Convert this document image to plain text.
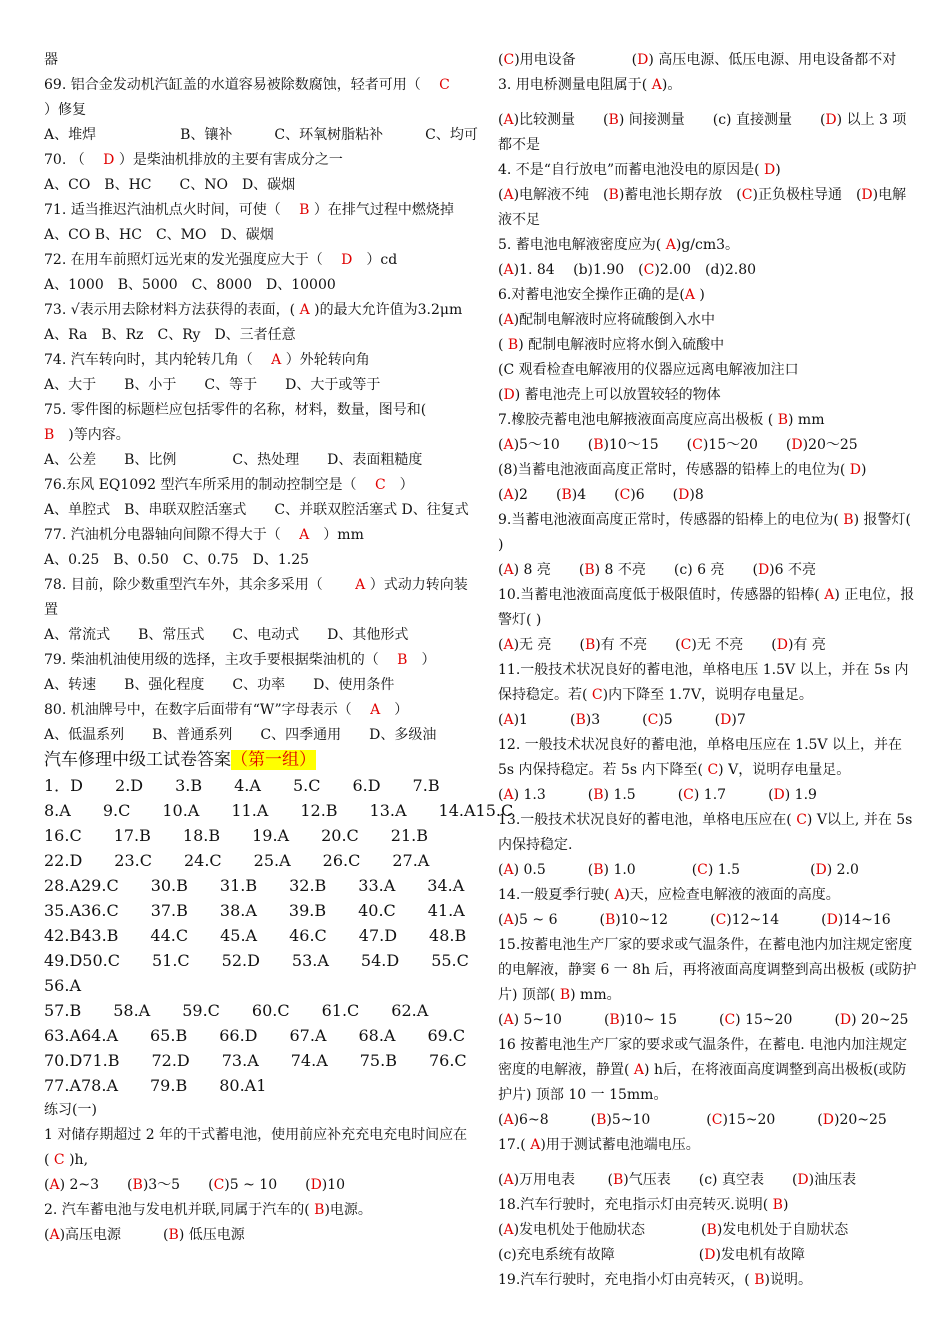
器

69. 铝合金发动机汽缸盖的水道容易被除数腐蚀，轻者可用（　 C　 ）修复

A、堆焊　　　　　　B、镶补　　　C、环氧树脂粘补　　　C、均可

70. （　 D ）是柴油机排放的主要有害成分之一

A、CO　B、HC　　C、NO　D、碳烟

71. 适当推迟汽油机点火时间，可使（　 B ）在排气过程中燃烧掉

A、CO B、HC　C、MO　D、碳烟

72. 在用车前照灯远光束的发光强度应大于（　 D　）cd

A、1000　B、5000　C、8000　D、10000

73. √表示用去除材料方法获得的表面，( A )的最大允许值为3.2μm

A、Ra　B、Rz　C、Ry　D、三者任意

74. 汽车转向时，其内轮转几角（　 A ）外轮转向角

A、大于　　B、小于　　C、等于　　D、大于或等于

75. 零件图的标题栏应包括零件的名称，材料，数量，图号和(　　 B　)等内容。

A、公差　　B、比例　　　　C、热处理　　D、表面粗糙度

76.东风 EQ1092 型汽车所采用的制动控制空是（　 C　）

A、单腔式　B、串联双腔活塞式　　C、并联双腔活塞式 D、往复式

77. 汽油机分电器轴向间隙不得大于（　 A　）mm

A、0.25　B、0.50　C、0.75　D、1.25

78. 目前，除少数重型汽车外，其余多采用（　　 A ）式动力转向装置

A、常流式　　B、常压式　　C、电动式　　D、其他形式

79. 柴油机油使用级的选择，主攻手要根据柴油机的（　 B　）

A、转速　　B、强化程度　　C、功率　　D、使用条件

80. 机油牌号中，在数字后面带有“W”字母表示（　 A　）

A、低温系列　　B、普通系列　　C、四季通用　　D、多级油

汽车修理中级工试卷答案（第一组）

1．D　　2.D　　3.B　　4.A　　5.C　　6.D　　7.B

8.A　　9.C　　10.A　　11.A　　12.B　　13.A　　14.A15.C

16.C　　17.B　　18.B　　19.A　　20.C　　21.B

22.D　　23.C　　24.C　　25.A　　26.C　　27.A

28.A29.C　　30.B　　31.B　　32.B　　33.A　　34.A

35.A36.C　　37.B　　38.A　　39.B　　40.C　　41.A

42.B43.B　　44.C　　45.A　　46.C　　47.D　　48.B

49.D50.C　　51.C　　52.D　　53.A　　54.D　　55.C

56.A

57.B　　58.A　　59.C　　60.C　　61.C　　62.A

63.A64.A　　65.B　　66.D　　67.A　　68.A　　69.C

70.D71.B　　72.D　　73.A　　74.A　　75.B　　76.C

77.A78.A　　79.B　　80.A1

练习(一)

1 对储存期超过 2 年的干式蓄电池，使用前应补充充电充电时间应在( C )h,

(A) 2~3　　(B)3～5　　(C)5 ~ 10　　(D)10

2. 汽车蓄电池与发电机并联,同属于汽车的( B)电源。

(A)高压电源　　　(B) 低压电源

(C)用电设备　　　　(D) 高压电源、低压电源、用电设备都不对

3. 用电桥测量电阻属于( A)。

(A)比较测量　　(B) 间接测量　　(c) 直接测量　　(D) 以上 3 项都不是

4. 不是“自行放电”而蓄电池没电的原因是( D)

(A)电解液不纯　(B)蓄电池长期存放　(C)正负极柱导通　(D)电解液不足

5. 蓄电池电解液密度应为( A)g/cm3。

(A)1. 84　 (b)1.90　(C)2.00　(d)2.80

6.对蓄电池安全操作正确的是(A )

(A)配制电解液时应将硫酸倒入水中

( B) 配制电解液时应将水倒入硫酸中

(C 观看检查电解液用的仪器应远离电解液加注口

(D) 蓄电池壳上可以放置较轻的物体

7.橡胶壳蓄电池电解掖液面高度应高出极板 ( B) mm

(A)5～10　　(B)10～15　　(C)15～20　　(D)20～25

(8)当蓄电池液面高度正常时，传感器的铅棒上的电位为( D)

(A)2　　(B)4　　(C)6　　(D)8

9.当蓄电池液面高度正常时，传感器的铅棒上的电位为( B) 报警灯( )

(A) 8 亮　　(B) 8 不亮　　(c) 6 亮　　(D)6 不亮

10.当蓄电池液面高度低于极限值时，传感器的铅棒( A) 正电位，报警灯( )

(A)无 亮　　(B)有 不亮　　(C)无 不亮　　(D)有 亮

11.一般技术状况良好的蓄电池，单格电压 1.5V 以上，并在 5s 内保持稳定。若( C)内下降至 1.7V，说明存电量足。

(A)1　　　(B)3　　　(C)5　　　(D)7

12. 一般技术状况良好的蓄电池，单格电压应在 1.5V 以上，并在 5s 内保持稳定。若 5s 内下降至( C) V，说明存电量足。

(A) 1.3　　　(B) 1.5　　　(C) 1.7　　　(D) 1.9

13.一般技术状况良好的蓄电池，单格电压应在( C) V以上, 并在 5s 内保持稳定.

(A) 0.5　　　(B) 1.0　　　　(C) 1.5　　　　　(D) 2.0

14.一般夏季行驶( A)天，应检查电解液的液面的高度。

(A)5 ~ 6　　　(B)10~12　　　(C)12~14　　　(D)14~16

15.按蓄电池生产厂家的要求或气温条件，在蓄电池内加注规定密度的电解液，静窦 6 一 8h 后，再将液面高度调整到高出极板 (或防护片) 顶部( B) mm。

(A) 5~10　　　(B)10~ 15　　　(C) 15~20　　　(D) 20~25

16 按蓄电池生产厂家的要求或气温条件，在蓄电. 电池内加注规定密度的电解液，静置( A) h后，在将液面高度调整到高出极板(或防 护片) 顶部 10 一 15mm。

(A)6~8　　　(B)5~10　　　　(C)15~20　　　(D)20~25

17.( A)用于测试蓄电池端电压。

(A)万用电表　　 (B)气压表　　(c) 真空表　　(D)油压表

18.汽车行驶时，充电指示灯由亮转灭.说明( B)

(A)发电机处于他励状态　　　　(B)发电机处于自励状态

(c)充电系统有故障　　　　　　(D)发电机有故障

19.汽车行驶时，充电指小灯由亮转灭，( B)说明。
